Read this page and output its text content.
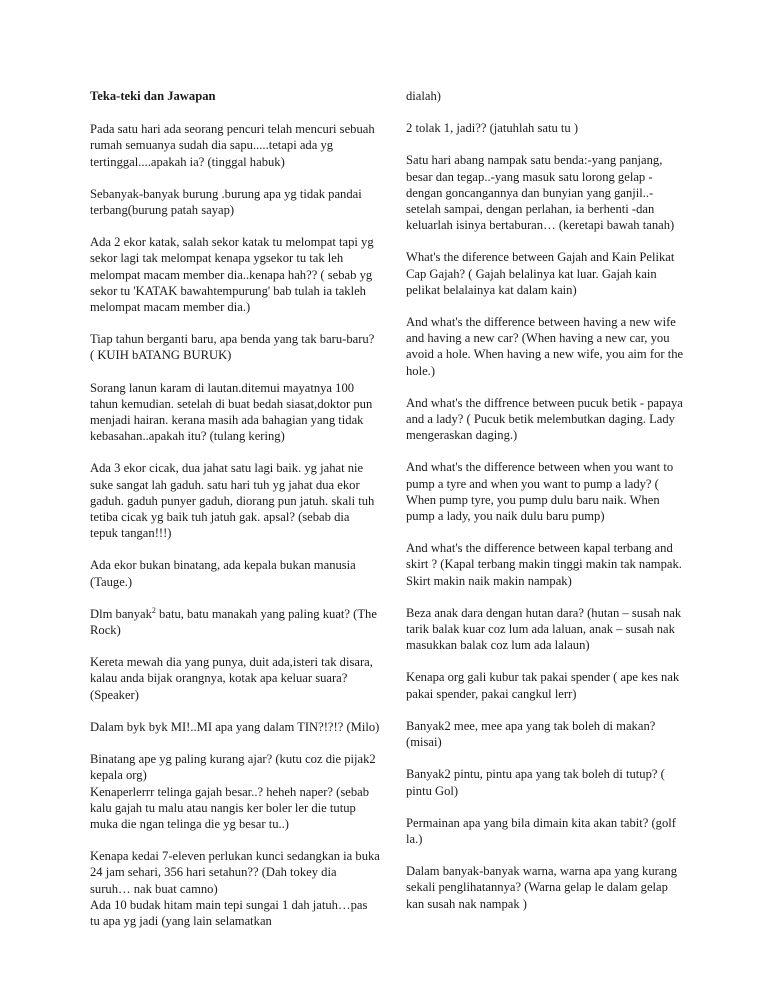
Teka-teki dan Jawapan

Pada satu hari ada seorang pencuri telah mencuri sebuah rumah semuanya sudah dia sapu.....tetapi ada yg tertinggal....apakah ia? (tinggal habuk)

Sebanyak-banyak burung .burung apa yg tidak pandai terbang(burung patah sayap)

Ada 2 ekor katak, salah sekor katak tu melompat tapi yg sekor lagi tak melompat kenapa ygsekor tu tak leh melompat macam member dia..kenapa hah?? ( sebab yg sekor tu 'KATAK bawahtempurung' bab tulah ia takleh melompat macam member dia.)

Tiap tahun berganti baru, apa benda yang tak baru-baru? ( KUIH bATANG BURUK)

Sorang lanun karam di lautan.ditemui mayatnya 100 tahun kemudian. setelah di buat bedah siasat,doktor pun menjadi hairan. kerana masih ada bahagian yang tidak kebasahan..apakah itu? (tulang kering)

Ada 3 ekor cicak, dua jahat satu lagi baik. yg jahat nie suke sangat lah gaduh. satu hari tuh yg jahat dua ekor gaduh. gaduh punyer gaduh, diorang pun jatuh. skali tuh tetiba cicak yg baik tuh jatuh gak. apsal? (sebab dia tepuk tangan!!!)

Ada ekor bukan binatang, ada kepala bukan manusia (Tauge.)

Dlm banyak$^2$ batu, batu manakah yang paling kuat? (The Rock)

Kereta mewah dia yang punya, duit ada,isteri tak disara, kalau anda bijak orangnya, kotak apa keluar suara? (Speaker)

Dalam byk byk MI!..MI apa yang dalam TIN?!?!? (Milo)

Binatang ape yg paling kurang ajar? (kutu coz die pijak2 kepala org)

Kenaperlerrr telinga gajah besar..? heheh naper? (sebab kalu gajah tu malu atau nangis ker boler ler die tutup muka die ngan telinga die yg besar tu..)

Kenapa kedai 7-eleven perlukan kunci sedangkan ia buka 24 jam sehari, 356 hari setahun?? (Dah tokey dia suruh… nak buat camno)

Ada 10 budak hitam main tepi sungai 1 dah jatuh…pas tu apa yg jadi (yang lain selamatkan

dialah)

2 tolak 1, jadi?? (jatuhlah satu tu )

Satu hari abang nampak satu benda:-yang panjang, besar dan tegap..-yang masuk satu lorong gelap -dengan goncangannya dan bunyian yang ganjil..-setelah sampai, dengan perlahan, ia berhenti -dan keluarlah isinya bertaburan… (keretapi bawah tanah)

What's the diference between Gajah and Kain Pelikat Cap Gajah? ( Gajah belalinya kat luar. Gajah kain pelikat belalainya kat dalam kain)

And what's the difference between having a new wife and having a new car? (When having a new car, you avoid a hole. When having a new wife, you aim for the hole.)

And what's the diffrence between pucuk betik - papaya and a lady? ( Pucuk betik melembutkan daging. Lady mengeraskan daging.)

And what's the difference between when you want to pump a tyre and when you want to pump a lady? ( When pump tyre, you pump dulu baru naik. When pump a lady, you naik dulu baru pump)

And what's the difference between kapal terbang and skirt ? (Kapal terbang makin tinggi makin tak nampak. Skirt makin naik makin nampak)

Beza anak dara dengan hutan dara? (hutan – susah nak tarik balak kuar coz lum ada laluan, anak – susah nak masukkan balak coz lum ada lalaun)

Kenapa org gali kubur tak pakai spender ( ape kes nak pakai spender, pakai cangkul lerr)

Banyak2 mee, mee apa yang tak boleh di makan? (misai)

Banyak2 pintu, pintu apa yang tak boleh di tutup? ( pintu Gol)

Permainan apa yang bila dimain kita akan tabit? (golf la.)

Dalam banyak-banyak warna, warna apa yang kurang sekali penglihatannya? (Warna gelap le dalam gelap kan susah nak nampak )
